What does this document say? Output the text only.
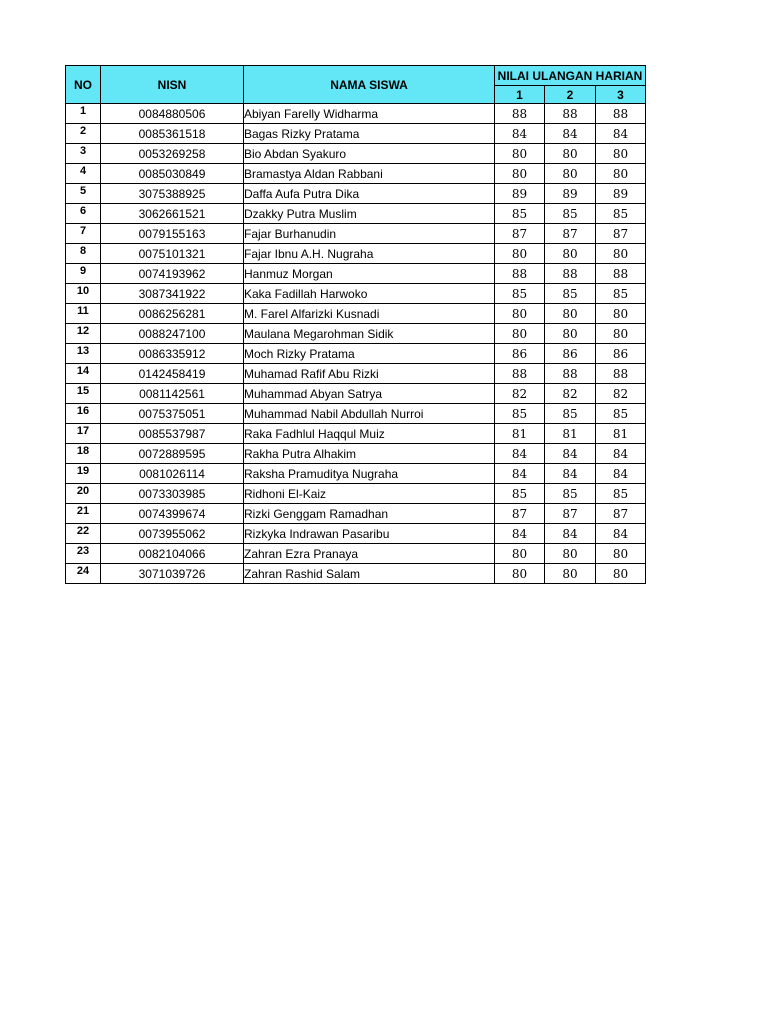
NO	NISN	NAMA SISWA	NILAI ULANGAN HARIAN		
			1	2	3
1	0084880506	Abiyan Farelly Widharma	88	88	88
2	0085361518	Bagas Rizky Pratama	84	84	84
3	0053269258	Bio Abdan Syakuro	80	80	80
4	0085030849	Bramastya Aldan Rabbani	80	80	80
5	3075388925	Daffa Aufa Putra Dika	89	89	89
6	3062661521	Dzakky Putra Muslim	85	85	85
7	0079155163	Fajar Burhanudin	87	87	87
8	0075101321	Fajar Ibnu A.H. Nugraha	80	80	80
9	0074193962	Hanmuz Morgan	88	88	88
10	3087341922	Kaka Fadillah Harwoko	85	85	85
11	0086256281	M. Farel Alfarizki Kusnadi	80	80	80
12	0088247100	Maulana Megarohman Sidik	80	80	80
13	0086335912	Moch Rizky Pratama	86	86	86
14	0142458419	Muhamad Rafif Abu Rizki	88	88	88
15	0081142561	Muhammad Abyan Satrya	82	82	82
16	0075375051	Muhammad Nabil Abdullah Nurroi	85	85	85
17	0085537987	Raka Fadhlul Haqqul Muiz	81	81	81
18	0072889595	Rakha Putra Alhakim	84	84	84
19	0081026114	Raksha Pramuditya Nugraha	84	84	84
20	0073303985	Ridhoni El-Kaiz	85	85	85
21	0074399674	Rizki Genggam Ramadhan	87	87	87
22	0073955062	Rizkyka Indrawan Pasaribu	84	84	84
23	0082104066	Zahran Ezra Pranaya	80	80	80
24	3071039726	Zahran Rashid Salam	80	80	80
